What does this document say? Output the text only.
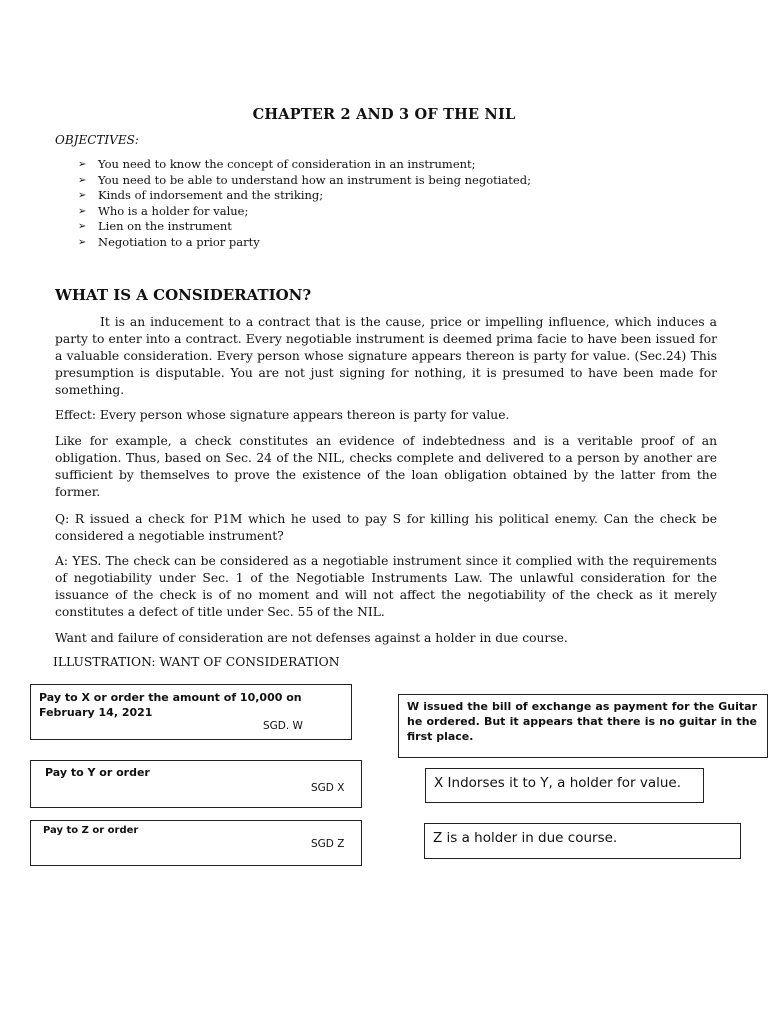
CHAPTER 2 AND 3 OF THE NIL
OBJECTIVES:
➢	You need to know the concept of consideration in an instrument;
➢	You need to be able to understand how an instrument is being negotiated;
➢	Kinds of indorsement and the striking;
➢	Who is a holder for value;
➢	Lien on the instrument
➢	Negotiation to a prior party
WHAT IS A CONSIDERATION?

It is an inducement to a contract that is the cause, price or impelling influence, which induces a party to enter into a contract. Every negotiable instrument is deemed prima facie to have been issued for a valuable consideration. Every person whose signature appears thereon is party for value. (Sec.24) This presumption is disputable. You are not just signing for nothing, it is presumed to have been made for something.

Effect: Every person whose signature appears thereon is party for value.

Like for example, a check constitutes an evidence of indebtedness and is a veritable proof of an obligation. Thus, based on Sec. 24 of the NIL, checks complete and delivered to a person by another are sufficient by themselves to prove the existence of the loan obligation obtained by the latter from the former.

Q: R issued a check for P1M which he used to pay S for killing his political enemy. Can the check be considered a negotiable instrument?

A: YES. The check can be considered as a negotiable instrument since it complied with the requirements of negotiability under Sec. 1 of the Negotiable Instruments Law. The unlawful consideration for the issuance of the check is of no moment and will not affect the negotiability of the check as it merely constitutes a defect of title under Sec. 55 of the NIL.

Want and failure of consideration are not defenses against a holder in due course.

ILLUSTRATION: WANT OF CONSIDERATION
Pay to X or order the amount of 10,000 on February 14, 2021
SGD. W
W issued the bill of exchange as payment for the Guitar he ordered. But it appears that there is no guitar in the first place.
Pay to Y or order
SGD X	X Indorses it to Y, a holder for value.
Pay to Z or order
SGD Z	Z is a holder in due course.
